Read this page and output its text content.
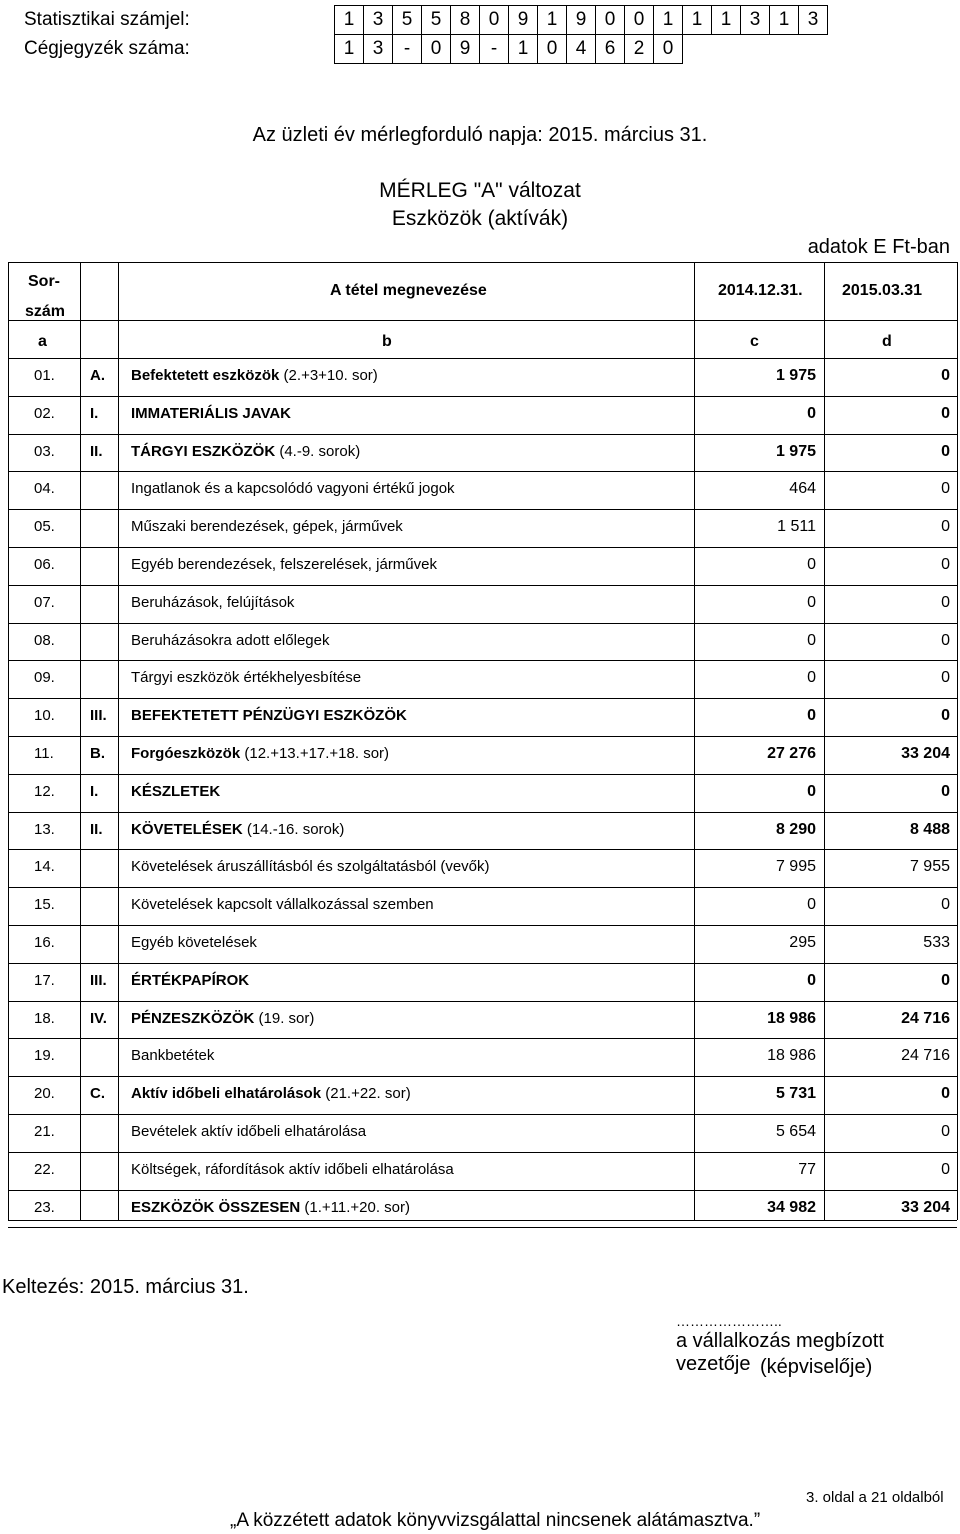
Statisztikai számjel:	1	3	5	5	8	0	9	1	9	0	0	1	1	1	3	1	3
Cégjegyzék száma:	1	3	-	0	9	-	1	0	4	6	2	0
Az üzleti év mérlegforduló napja: 2015. március 31.
MÉRLEG "A" változat
Eszközök (aktívák)
adatok E Ft-ban
Sor-
szám
A tétel megnevezése	2014.12.31. 2015.03.31
a	b	c	d
01. A. Befektetett eszközök (2.+3+10. sor)	1 975	0
02. I. IMMATERIÁLIS JAVAK	0	0
03. II. TÁRGYI ESZKÖZÖK (4.-9. sorok)	1 975	0
04.	Ingatlanok és a kapcsolódó vagyoni értékű jogok	464	0
05.	Műszaki berendezések, gépek, járművek	1 511	0
06.	Egyéb berendezések, felszerelések, járművek	0	0
07.	Beruházások, felújítások	0	0
08.	Beruházásokra adott előlegek	0	0
09.	Tárgyi eszközök értékhelyesbítése	0	0
10. III. BEFEKTETETT PÉNZÜGYI ESZKÖZÖK	0	0
11. B. Forgóeszközök (12.+13.+17.+18. sor)	27 276	33 204
12. I. KÉSZLETEK	0	0
13. II. KÖVETELÉSEK (14.-16. sorok)	8 290	8 488
14.	Követelések áruszállításból és szolgáltatásból (vevők)	7 995	7 955
15.	Követelések kapcsolt vállalkozással szemben	0	0
16.	Egyéb követelések	295	533
17. III. ÉRTÉKPAPÍROK	0	0
18. IV. PÉNZESZKÖZÖK (19. sor)	18 986	24 716
19.	Bankbetétek	18 986	24 716
20. C. Aktív időbeli elhatárolások (21.+22. sor)	5 731	0
21.	Bevételek aktív időbeli elhatárolása	5 654	0
22.	Költségek, ráfordítások aktív időbeli elhatárolása	77	0
23.	ESZKÖZÖK ÖSSZESEN (1.+11.+20. sor)	34 982	33 204
Keltezés: 2015. március 31.
…………………..
a vállalkozás megbízott vezetője (képviselője)
3. oldal a 21 oldalból
„A közzétett adatok könyvvizsgálattal nincsenek alátámasztva.”
